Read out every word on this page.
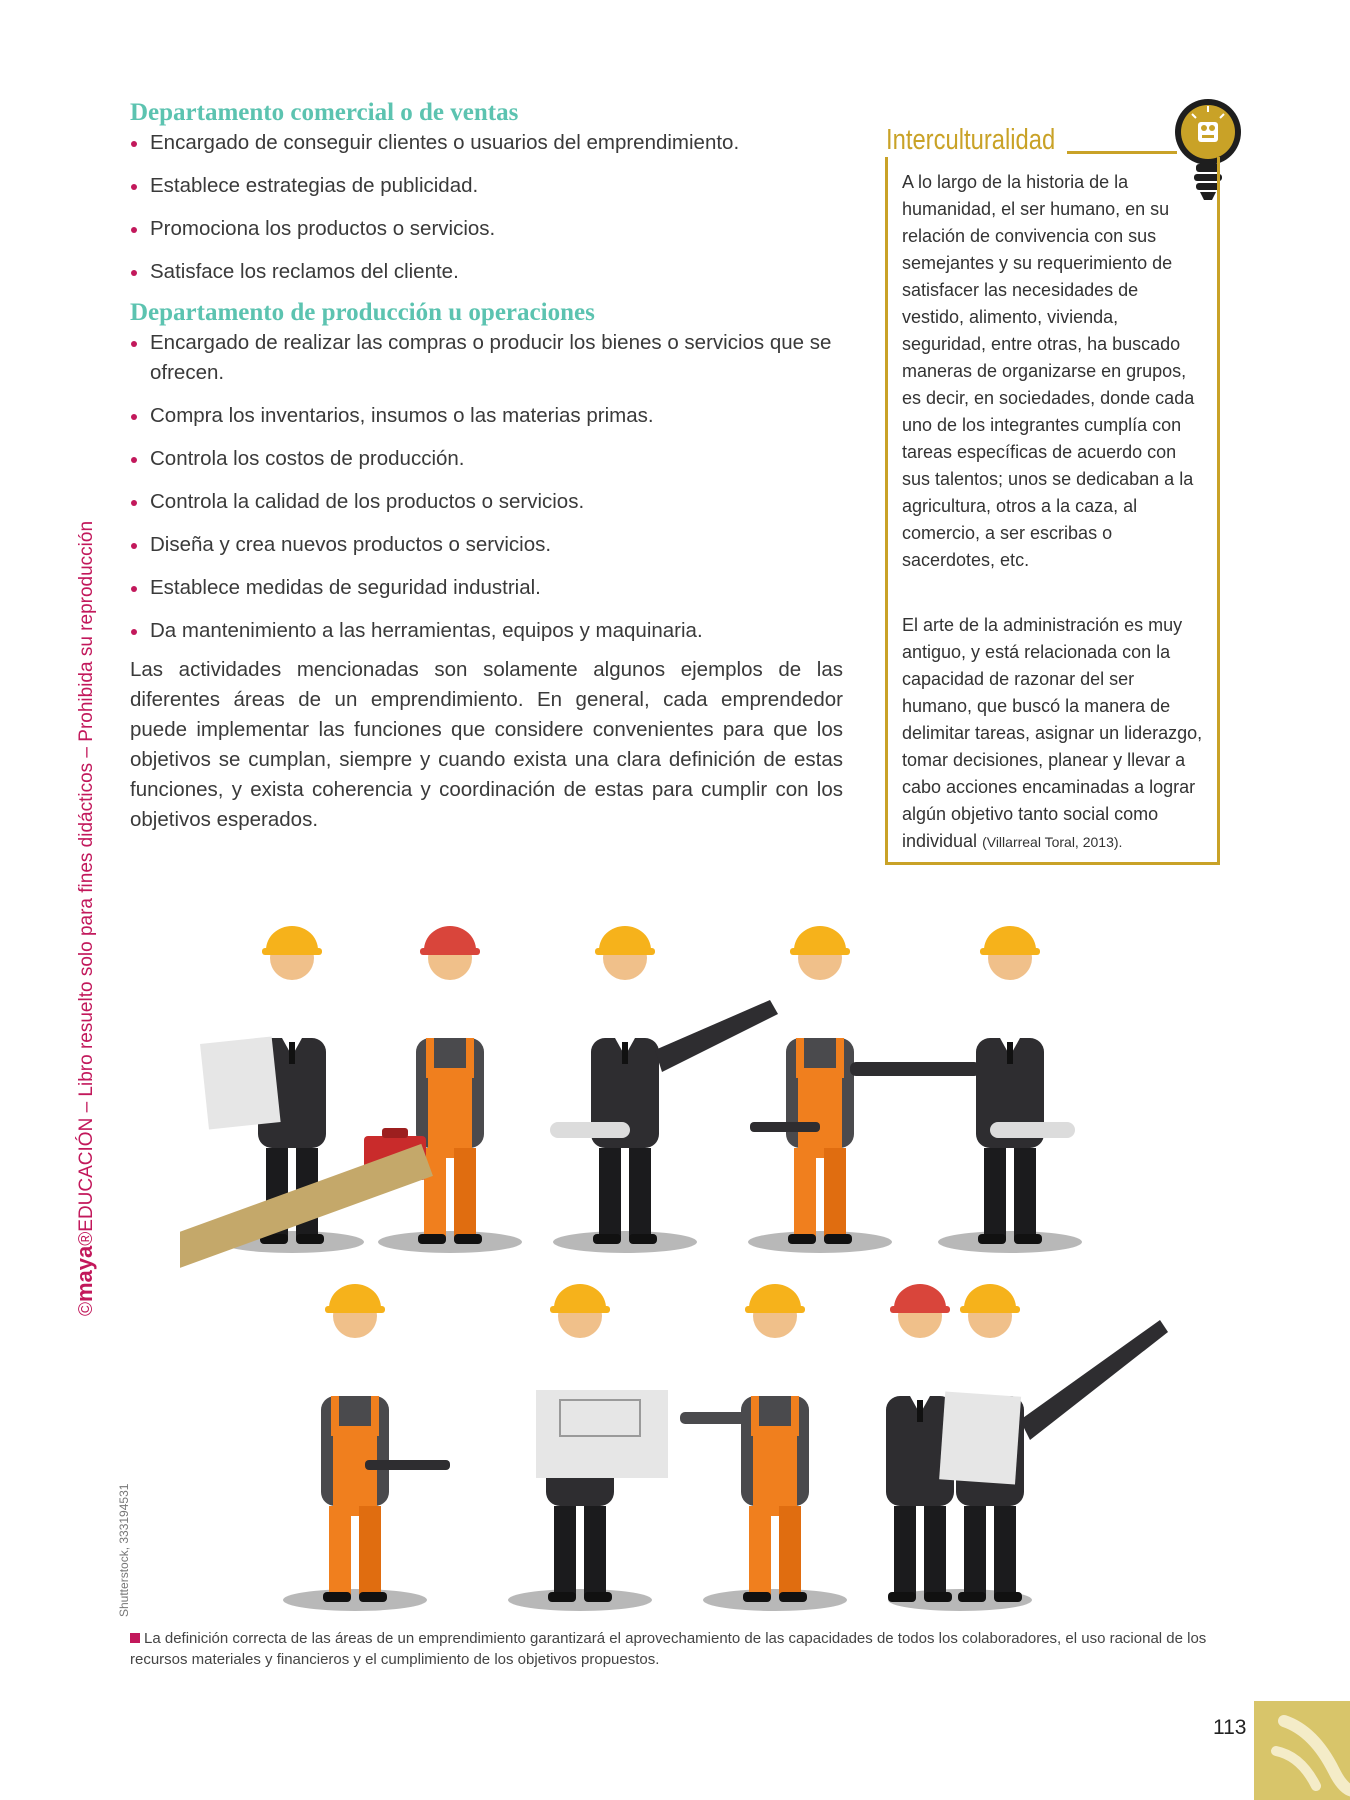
Departamento comercial o de ventas
Encargado de conseguir clientes o usuarios del emprendimiento.
Establece estrategias de publicidad.
Promociona los productos o servicios.
Satisface los reclamos del cliente.
Departamento de producción u operaciones
Encargado de realizar las compras o producir los bienes o servicios que se ofrecen.
Compra los inventarios, insumos o las materias primas.
Controla los costos de producción.
Controla la calidad de los productos o servicios.
Diseña y crea nuevos productos o servicios.
Establece medidas de seguridad industrial.
Da mantenimiento a las herramientas, equipos y maquinaria.

Las actividades mencionadas son solamente algunos ejemplos de las diferentes áreas de un emprendimiento. En general, cada emprendedor puede implementar las funciones que considere convenientes para que los objetivos se cumplan, siempre y cuando exista una clara definición de estas funciones, y exista coherencia y coordinación de estas para cumplir con los objetivos esperados.

Interculturalidad

A lo largo de la historia de la humanidad, el ser humano, en su relación de convivencia con sus semejantes y su requerimiento de satisfacer las necesidades de vestido, alimento, vivienda, seguridad, entre otras, ha buscado maneras de organizarse en grupos, es decir, en sociedades, donde cada uno de los integrantes cumplía con tareas específicas de acuerdo con sus talentos; unos se dedicaban a la agricultura, otros a la caza, al comercio, a ser escribas o sacerdotes, etc.

El arte de la administración es muy antiguo, y está relacionada con la capacidad de razonar del ser humano, que buscó la manera de delimitar tareas, asignar un liderazgo, tomar decisiones, planear y llevar a cabo acciones encaminadas a lograr algún objetivo tanto social como individual (Villarreal Toral, 2013).

©maya®EDUCACIÓN – Libro resuelto solo para fines didácticos – Prohibida su reproducción
Shutterstock, 333194531

La definición correcta de las áreas de un emprendimiento garantizará el aprovechamiento de las capacidades de todos los colaboradores, el uso racional de los recursos materiales y financieros y el cumplimiento de los objetivos propuestos.

113
